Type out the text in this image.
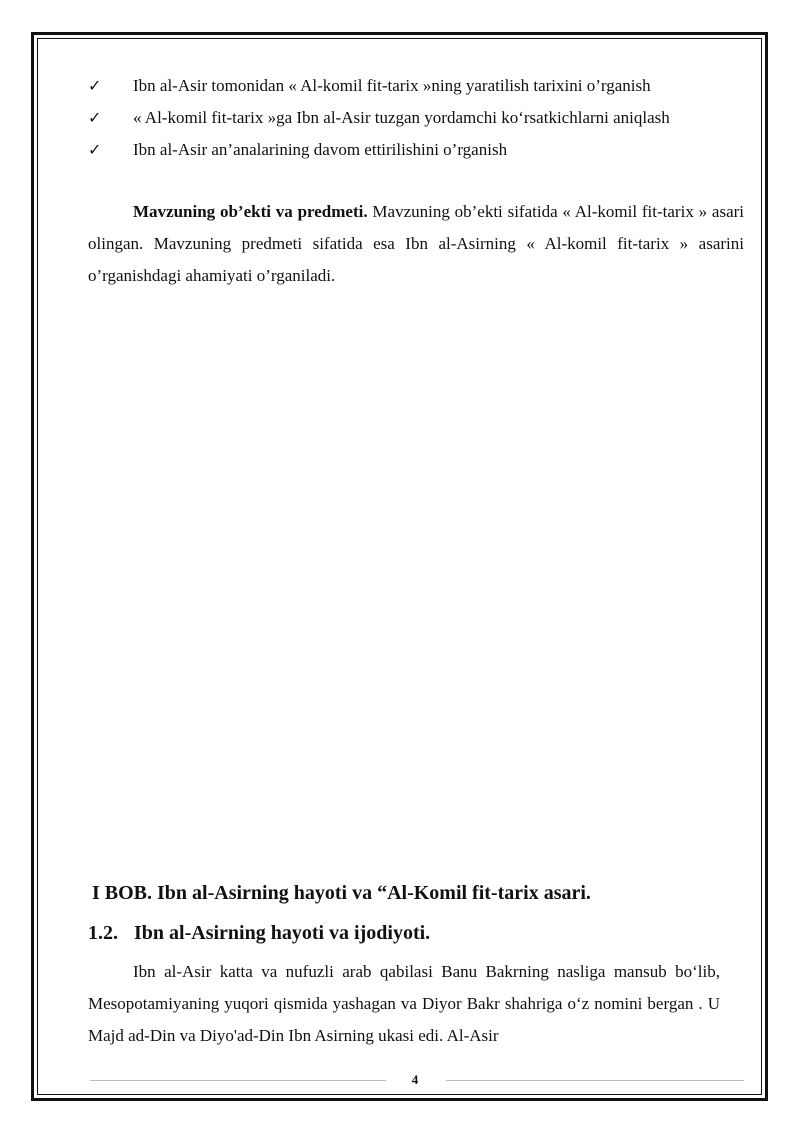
✓ Ibn al-Asir tomonidan « Al-komil fit-tarix »ning yaratilish tarixini o’rganish
✓ « Al-komil fit-tarix »ga Ibn al-Asir tuzgan yordamchi ko‘rsatkichlarni aniqlash
✓ Ibn al-Asir an’analarining davom ettirilishini o’rganish

Mavzuning ob’ekti va predmeti. Mavzuning ob’ekti sifatida « Al-komil fit-tarix » asari olingan. Mavzuning predmeti sifatida esa Ibn al-Asirning « Al-komil fit-tarix » asarini o’rganishdagi ahamiyati o’rganiladi.

I BOB. Ibn al-Asirning hayoti va “Al-Komil fit-tarix asari.
1.2. Ibn al-Asirning hayoti va ijodiyoti.

Ibn al-Asir katta va nufuzli arab qabilasi Banu Bakrning nasliga mansub bo‘lib, Mesopotamiyaning yuqori qismida yashagan va Diyor Bakr shahriga o‘z nomini bergan . U Majd ad-Din va Diyo'ad-Din Ibn Asirning ukasi edi. Al-Asir

4
